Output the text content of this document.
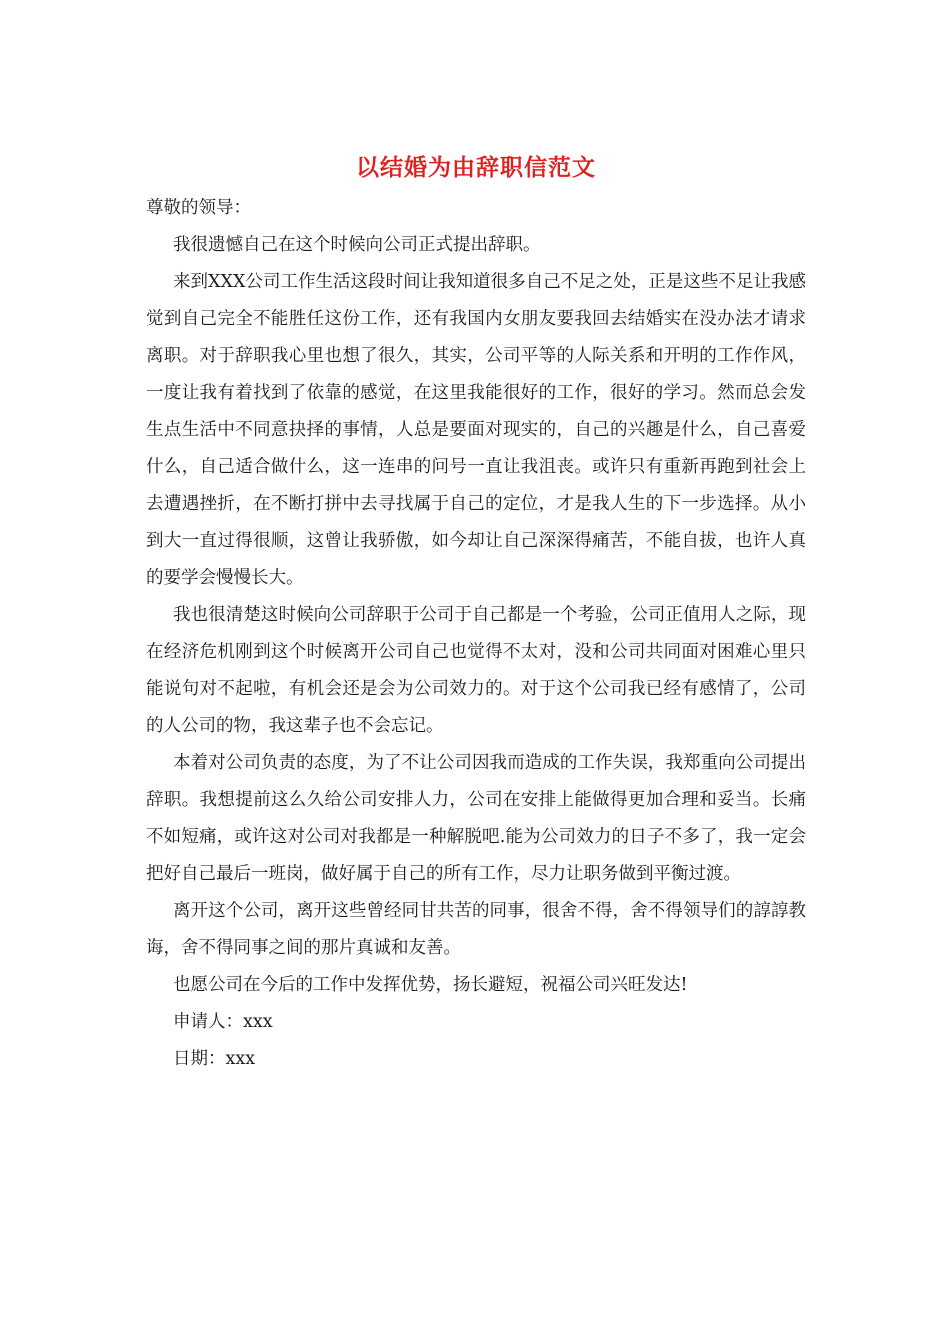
以结婚为由辞职信范文

尊敬的领导：

我很遗憾自己在这个时候向公司正式提出辞职。

来到XXX公司工作生活这段时间让我知道很多自己不足之处，正是这些不足让我感觉到自己完全不能胜任这份工作，还有我国内女朋友要我回去结婚实在没办法才请求离职。对于辞职我心里也想了很久，其实，公司平等的人际关系和开明的工作作风，一度让我有着找到了依靠的感觉，在这里我能很好的工作，很好的学习。然而总会发生点生活中不同意抉择的事情，人总是要面对现实的，自己的兴趣是什么，自己喜爱什么，自己适合做什么，这一连串的问号一直让我沮丧。或许只有重新再跑到社会上去遭遇挫折，在不断打拼中去寻找属于自己的定位，才是我人生的下一步选择。从小到大一直过得很顺，这曾让我骄傲，如今却让自己深深得痛苦，不能自拔，也许人真的要学会慢慢长大。

我也很清楚这时候向公司辞职于公司于自己都是一个考验，公司正值用人之际，现在经济危机刚到这个时候离开公司自己也觉得不太对，没和公司共同面对困难心里只能说句对不起啦，有机会还是会为公司效力的。对于这个公司我已经有感情了，公司的人公司的物，我这辈子也不会忘记。

本着对公司负责的态度，为了不让公司因我而造成的工作失误，我郑重向公司提出辞职。我想提前这么久给公司安排人力，公司在安排上能做得更加合理和妥当。长痛不如短痛，或许这对公司对我都是一种解脱吧.能为公司效力的日子不多了，我一定会把好自己最后一班岗，做好属于自己的所有工作，尽力让职务做到平衡过渡。

离开这个公司，离开这些曾经同甘共苦的同事，很舍不得，舍不得领导们的諄諄教诲，舍不得同事之间的那片真诚和友善。

也愿公司在今后的工作中发挥优势，扬长避短，祝福公司兴旺发达!

申请人：xxx

日期：xxx
